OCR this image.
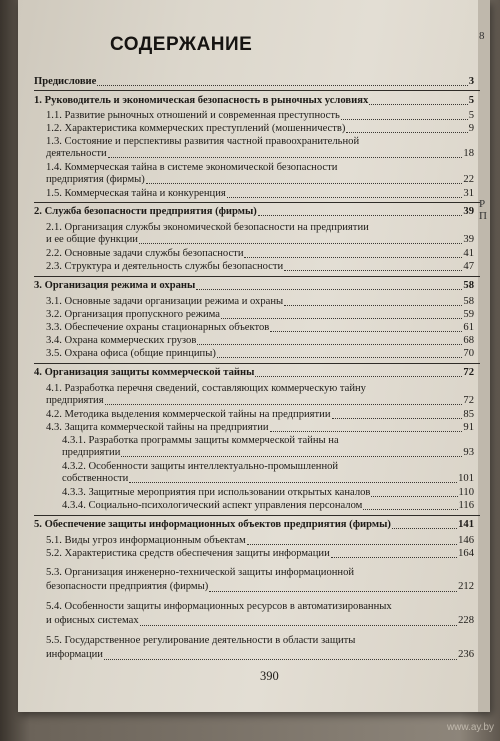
8
Р
П
СОДЕРЖАНИЕ
Предисловие	3
1. Руководитель и экономическая безопасность в рыночных условиях	5
1.1. Развитие рыночных отношений и современная преступность	5
1.2. Характеристика коммерческих преступлений (мошенничеств)	9
1.3. Состояние и перспективы развития частной правоохранительной
деятельности	18
1.4. Коммерческая тайна в системе экономической безопасности
предприятия (фирмы)	22
1.5. Коммерческая тайна и конкуренция	31
2. Служба безопасности предприятия (фирмы)	39
2.1. Организация службы экономической безопасности на предприятии
и ее общие функции	39
2.2. Основные задачи службы безопасности	41
2.3. Структура и деятельность службы безопасности	47
3. Организация режима и охраны	58
3.1. Основные задачи организации режима и охраны	58
3.2. Организация пропускного режима	59
3.3. Обеспечение охраны стационарных объектов	61
3.4. Охрана коммерческих грузов	68
3.5. Охрана офиса (общие принципы)	70
4. Организация защиты коммерческой тайны	72
4.1. Разработка перечня сведений, составляющих коммерческую тайну
предприятия	72
4.2. Методика выделения коммерческой тайны на предприятии	85
4.3. Защита коммерческой тайны на предприятии	91
4.3.1. Разработка программы защиты коммерческой тайны на
предприятии	93
4.3.2. Особенности защиты интеллектуально-промышленной
собственности	101
4.3.3. Защитные мероприятия при использовании открытых каналов	110
4.3.4. Социально-психологический аспект управления персоналом	116
5. Обеспечение защиты информационных объектов предприятия (фирмы)	141
5.1. Виды угроз информационным объектам	146
5.2. Характеристика средств обеспечения защиты информации	164
5.3. Организация инженерно-технической защиты информационной
безопасности предприятия (фирмы)	212
5.4. Особенности защиты информационных ресурсов в автоматизированных
и офисных системах	228
5.5. Государственное регулирование деятельности в области защиты
информации	236
390
www.ay.by
